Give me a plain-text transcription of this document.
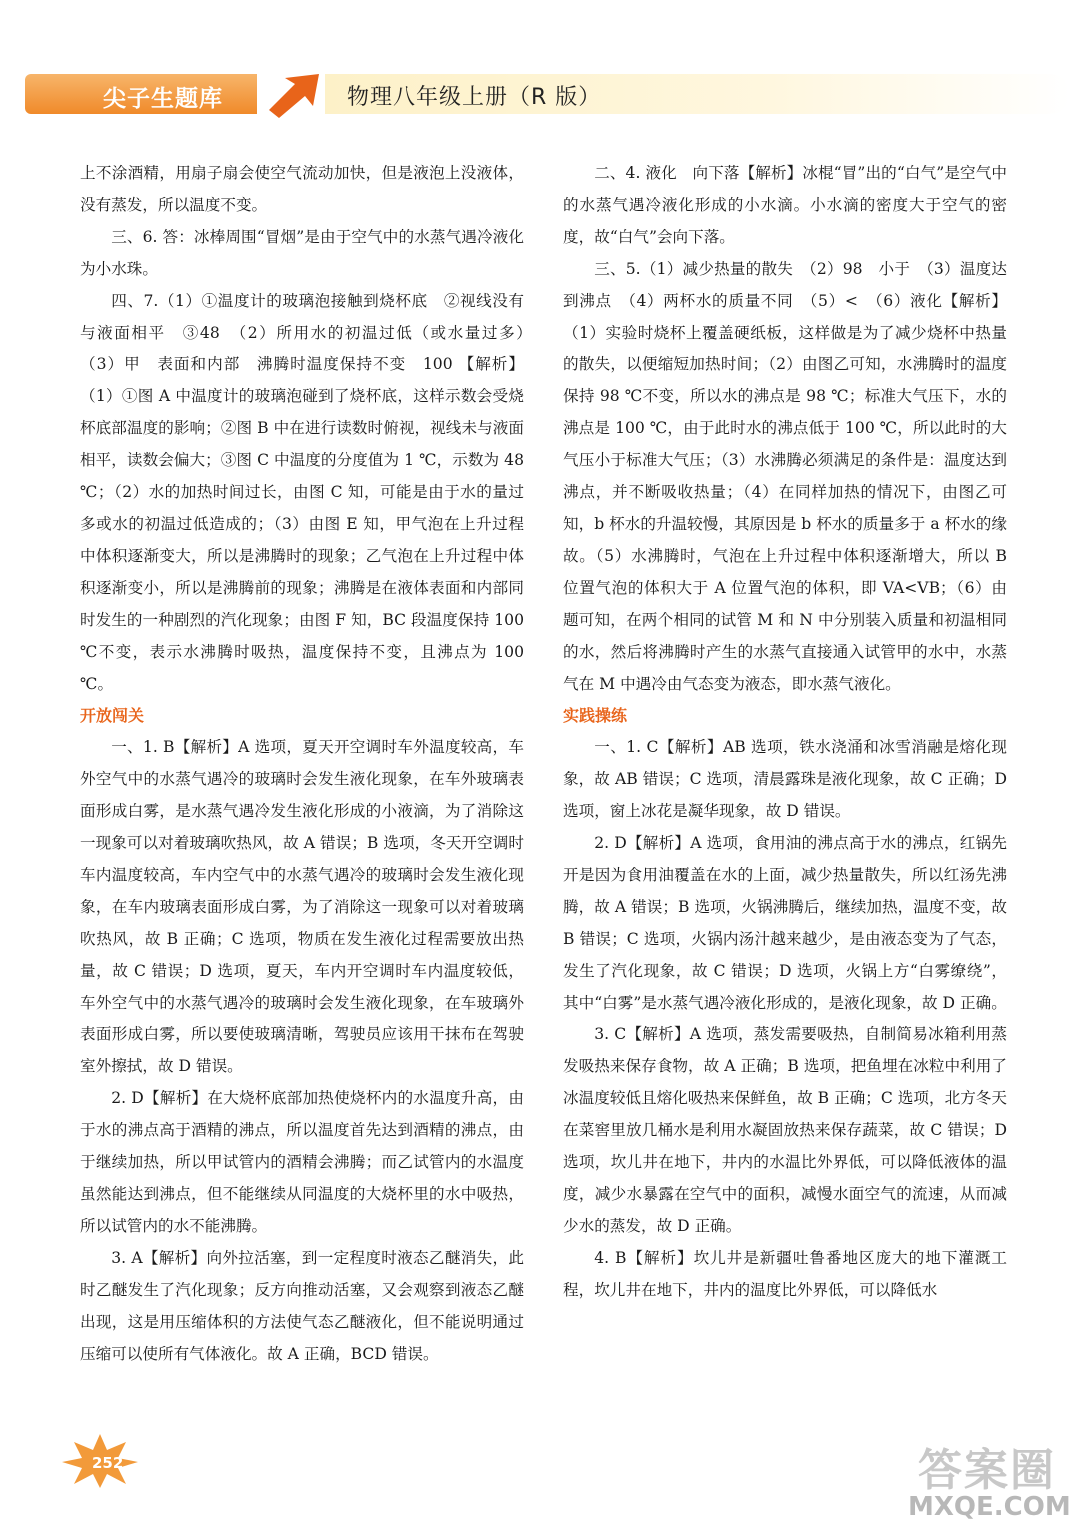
尖子生题库	物理八年级上册（R 版）

上不涂酒精，用扇子扇会使空气流动加快，但是液泡上没液体，没有蒸发，所以温度不变。

三、6. 答：冰棒周围“冒烟”是由于空气中的水蒸气遇冷液化为小水珠。

四、7.（1）①温度计的玻璃泡接触到烧杯底　②视线没有与液面相平　③48　（2）所用水的初温过低（或水量过多）　（3）甲　表面和内部　沸腾时温度保持不变　100 【解析】（1）①图 A 中温度计的玻璃泡碰到了烧杯底，这样示数会受烧杯底部温度的影响；②图 B 中在进行读数时俯视，视线未与液面相平，读数会偏大；③图 C 中温度的分度值为 1 ℃，示数为 48 ℃；（2）水的加热时间过长，由图 C 知，可能是由于水的量过多或水的初温过低造成的；（3）由图 E 知，甲气泡在上升过程中体积逐渐变大，所以是沸腾时的现象；乙气泡在上升过程中体积逐渐变小，所以是沸腾前的现象；沸腾是在液体表面和内部同时发生的一种剧烈的汽化现象；由图 F 知，BC 段温度保持 100 ℃不变，表示水沸腾时吸热，温度保持不变，且沸点为 100 ℃。

开放闯关

一、1. B【解析】A 选项，夏天开空调时车外温度较高，车外空气中的水蒸气遇冷的玻璃时会发生液化现象，在车外玻璃表面形成白雾，是水蒸气遇冷发生液化形成的小液滴，为了消除这一现象可以对着玻璃吹热风，故 A 错误；B 选项，冬天开空调时车内温度较高，车内空气中的水蒸气遇冷的玻璃时会发生液化现象，在车内玻璃表面形成白雾，为了消除这一现象可以对着玻璃吹热风，故 B 正确；C 选项，物质在发生液化过程需要放出热量，故 C 错误；D 选项，夏天，车内开空调时车内温度较低，车外空气中的水蒸气遇冷的玻璃时会发生液化现象，在车玻璃外表面形成白雾，所以要使玻璃清晰，驾驶员应该用干抹布在驾驶室外擦拭，故 D 错误。

2. D【解析】在大烧杯底部加热使烧杯内的水温度升高，由于水的沸点高于酒精的沸点，所以温度首先达到酒精的沸点，由于继续加热，所以甲试管内的酒精会沸腾；而乙试管内的水温度虽然能达到沸点，但不能继续从同温度的大烧杯里的水中吸热，所以试管内的水不能沸腾。

3. A【解析】向外拉活塞，到一定程度时液态乙醚消失，此时乙醚发生了汽化现象；反方向推动活塞，又会观察到液态乙醚出现，这是用压缩体积的方法使气态乙醚液化，但不能说明通过压缩可以使所有气体液化。故 A 正确，BCD 错误。

二、4. 液化　向下落【解析】冰棍“冒”出的“白气”是空气中的水蒸气遇冷液化形成的小水滴。小水滴的密度大于空气的密度，故“白气”会向下落。

三、5.（1）减少热量的散失　（2）98　小于　（3）温度达到沸点　（4）两杯水的质量不同　（5）<　（6）液化【解析】（1）实验时烧杯上覆盖硬纸板，这样做是为了减少烧杯中热量的散失，以便缩短加热时间；（2）由图乙可知，水沸腾时的温度保持 98 ℃不变，所以水的沸点是 98 ℃；标准大气压下，水的沸点是 100 ℃，由于此时水的沸点低于 100 ℃，所以此时的大气压小于标准大气压；（3）水沸腾必须满足的条件是：温度达到沸点，并不断吸收热量；（4）在同样加热的情况下，由图乙可知，b 杯水的升温较慢，其原因是 b 杯水的质量多于 a 杯水的缘故。（5）水沸腾时，气泡在上升过程中体积逐渐增大，所以 B 位置气泡的体积大于 A 位置气泡的体积，即 VA<VB；（6）由题可知，在两个相同的试管 M 和 N 中分别装入质量和初温相同的水，然后将沸腾时产生的水蒸气直接通入试管甲的水中，水蒸气在 M 中遇冷由气态变为液态，即水蒸气液化。

实践操练

一、1. C【解析】AB 选项，铁水浇涌和冰雪消融是熔化现象，故 AB 错误；C 选项，清晨露珠是液化现象，故 C 正确；D 选项，窗上冰花是凝华现象，故 D 错误。

2. D【解析】A 选项，食用油的沸点高于水的沸点，红锅先开是因为食用油覆盖在水的上面，减少热量散失，所以红汤先沸腾，故 A 错误；B 选项，火锅沸腾后，继续加热，温度不变，故 B 错误；C 选项，火锅内汤汁越来越少，是由液态变为了气态，发生了汽化现象，故 C 错误；D 选项，火锅上方“白雾缭绕”，其中“白雾”是水蒸气遇冷液化形成的，是液化现象，故 D 正确。

3. C【解析】A 选项，蒸发需要吸热，自制简易冰箱利用蒸发吸热来保存食物，故 A 正确；B 选项，把鱼埋在冰粒中利用了冰温度较低且熔化吸热来保鲜鱼，故 B 正确；C 选项，北方冬天在菜窖里放几桶水是利用水凝固放热来保存蔬菜，故 C 错误；D 选项，坎儿井在地下，井内的水温比外界低，可以降低液体的温度，减少水暴露在空气中的面积，减慢水面空气的流速，从而减少水的蒸发，故 D 正确。

4. B【解析】坎儿井是新疆吐鲁番地区庞大的地下灌溉工程，坎儿井在地下，井内的温度比外界低，可以降低水

252	答案圈
MXQE.COM
